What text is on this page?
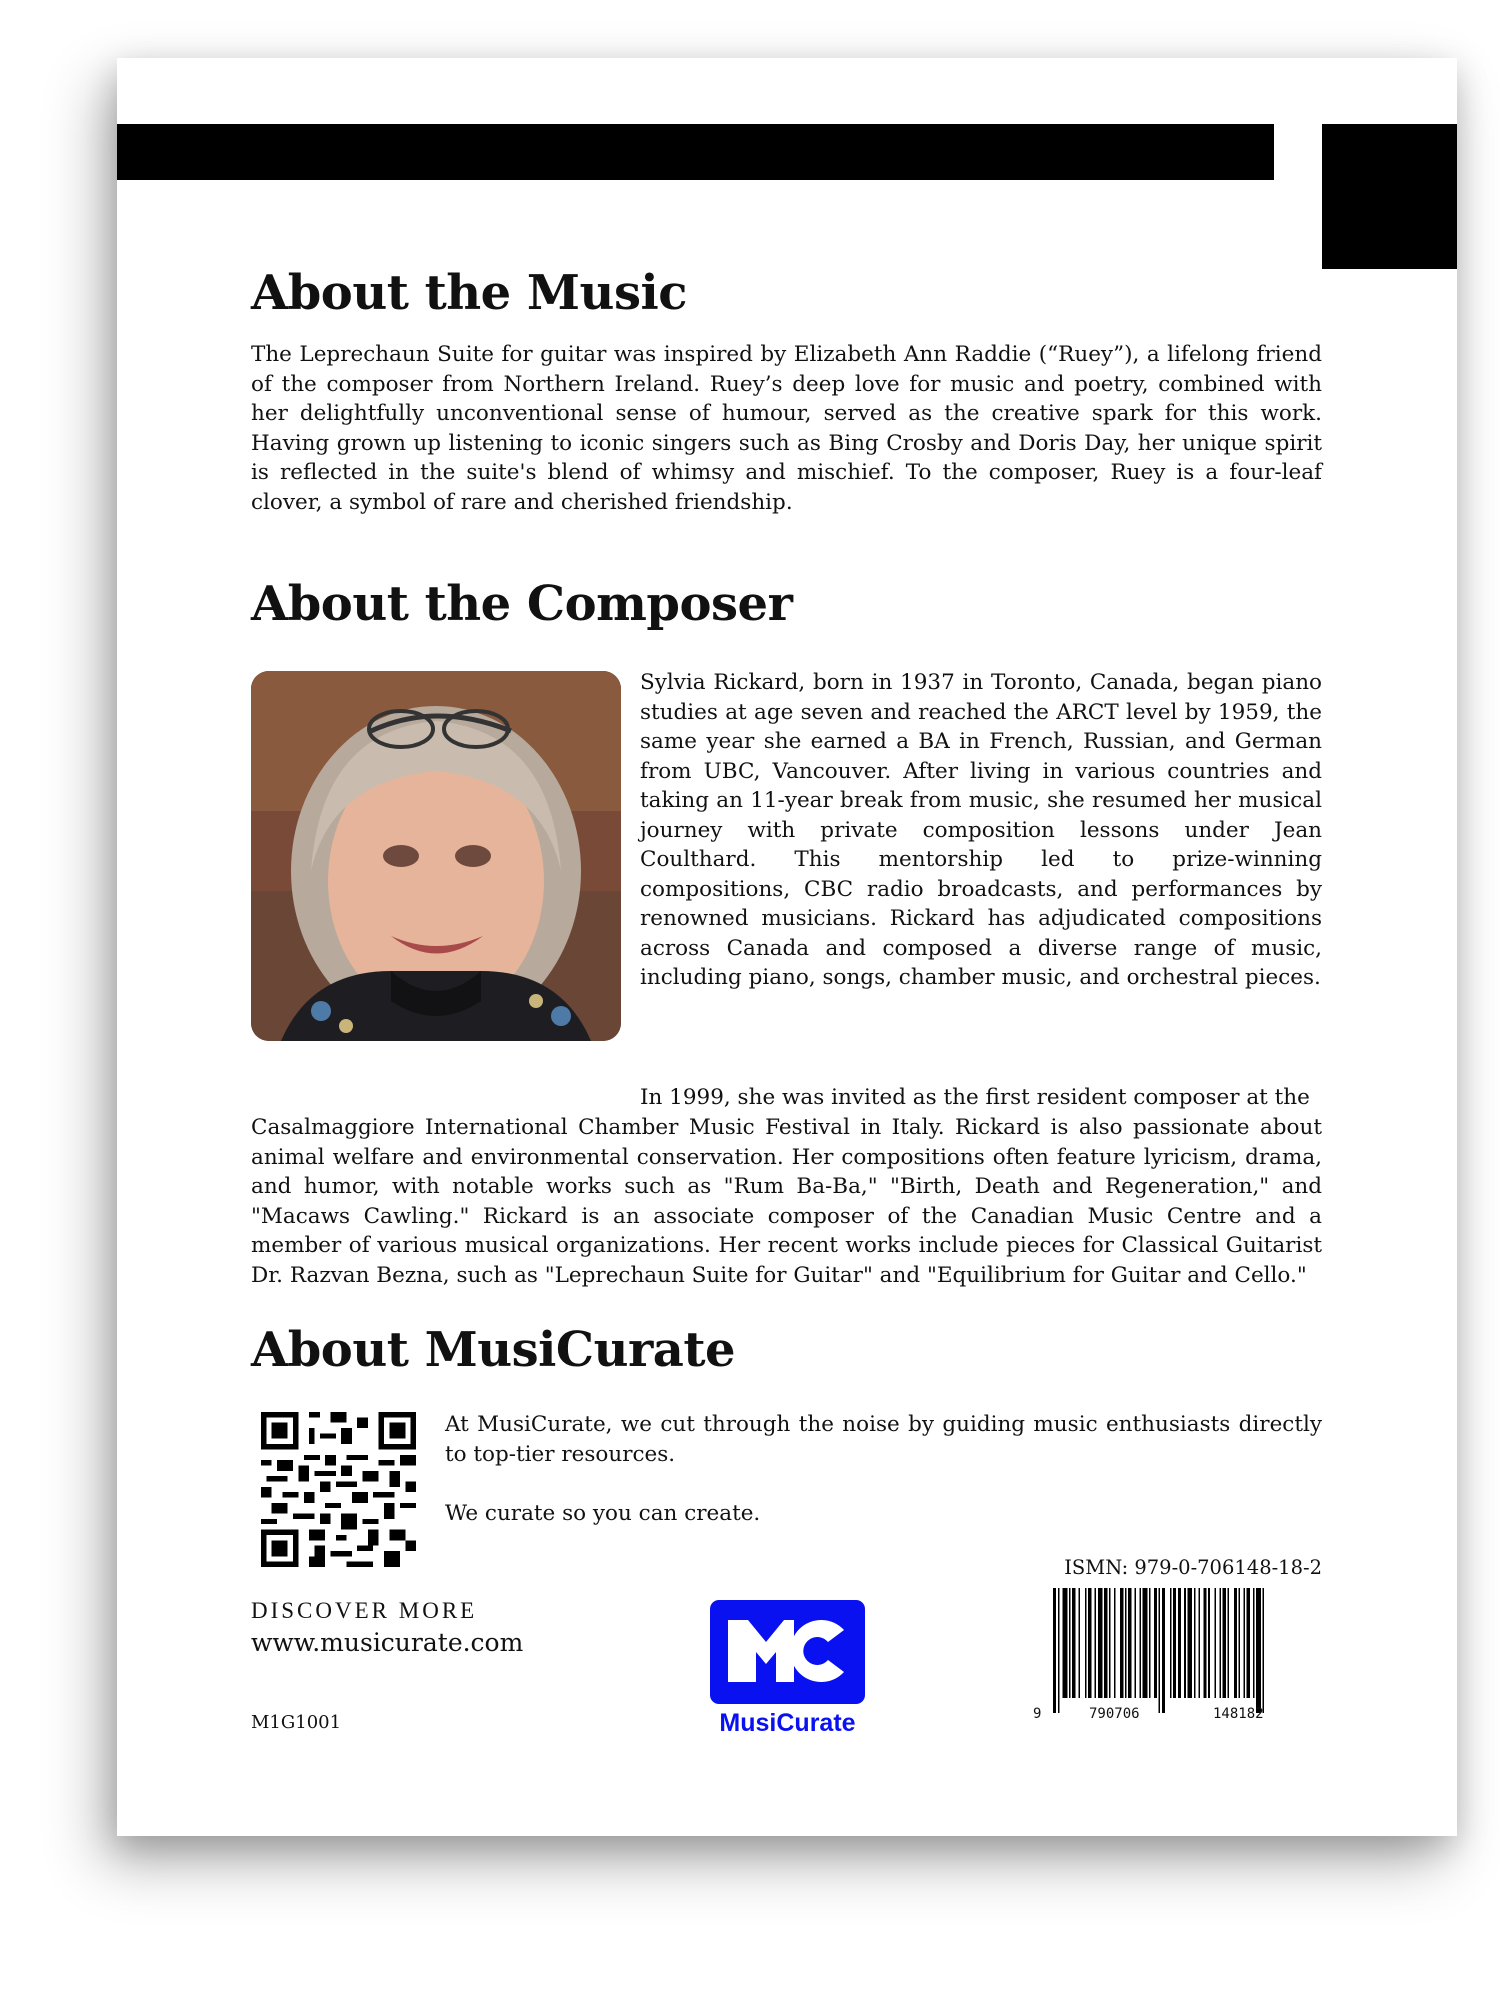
About the Music

The Leprechaun Suite for guitar was inspired by Elizabeth Ann Raddie (“Ruey”), a lifelong friend of the composer from Northern Ireland. Ruey’s deep love for music and poetry, combined with her delightfully unconventional sense of humour, served as the creative spark for this work. Having grown up listening to iconic singers such as Bing Crosby and Doris Day, her unique spirit is reflected in the suite's blend of whimsy and mischief. To the composer, Ruey is a four-leaf clover, a symbol of rare and cherished friendship.

About the Composer

Sylvia Rickard, born in 1937 in Toronto, Canada, began piano studies at age seven and reached the ARCT level by 1959, the same year she earned a BA in French, Russian, and German from UBC, Vancouver. After living in various countries and taking an 11-year break from music, she resumed her musical journey with private composition lessons under Jean Coulthard. This mentorship led to prize-winning compositions, CBC radio broadcasts, and performances by renowned musicians. Rickard has adjudicated compositions across Canada and composed a diverse range of music, including piano, songs, chamber music, and orchestral pieces.

In 1999, she was invited as the first resident composer at the

Casalmaggiore International Chamber Music Festival in Italy. Rickard is also passionate about animal welfare and environmental conservation. Her compositions often feature lyricism, drama, and humor, with notable works such as "Rum Ba-Ba," "Birth, Death and Regeneration," and "Macaws Cawling." Rickard is an associate composer of the Canadian Music Centre and a member of various musical organizations. Her recent works include pieces for Classical Guitarist Dr. Razvan Bezna, such as "Leprechaun Suite for Guitar" and "Equilibrium for Guitar and Cello."

About MusiCurate

At MusiCurate, we cut through the noise by guiding music enthusiasts directly to top-tier resources.

We curate so you can create.

DISCOVER MORE
www.musicurate.com
M1G1001	MusiCurate
ISMN: 979-0-706148-18-2
9	790706	148182
